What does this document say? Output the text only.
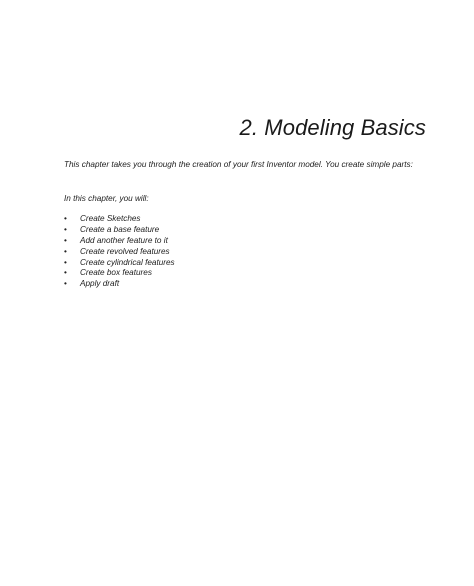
2. Modeling Basics

This chapter takes you through the creation of your first Inventor model. You create simple parts:

In this chapter, you will:

• Create Sketches
• Create a base feature
• Add another feature to it
• Create revolved features
• Create cylindrical features
• Create box features
• Apply draft
